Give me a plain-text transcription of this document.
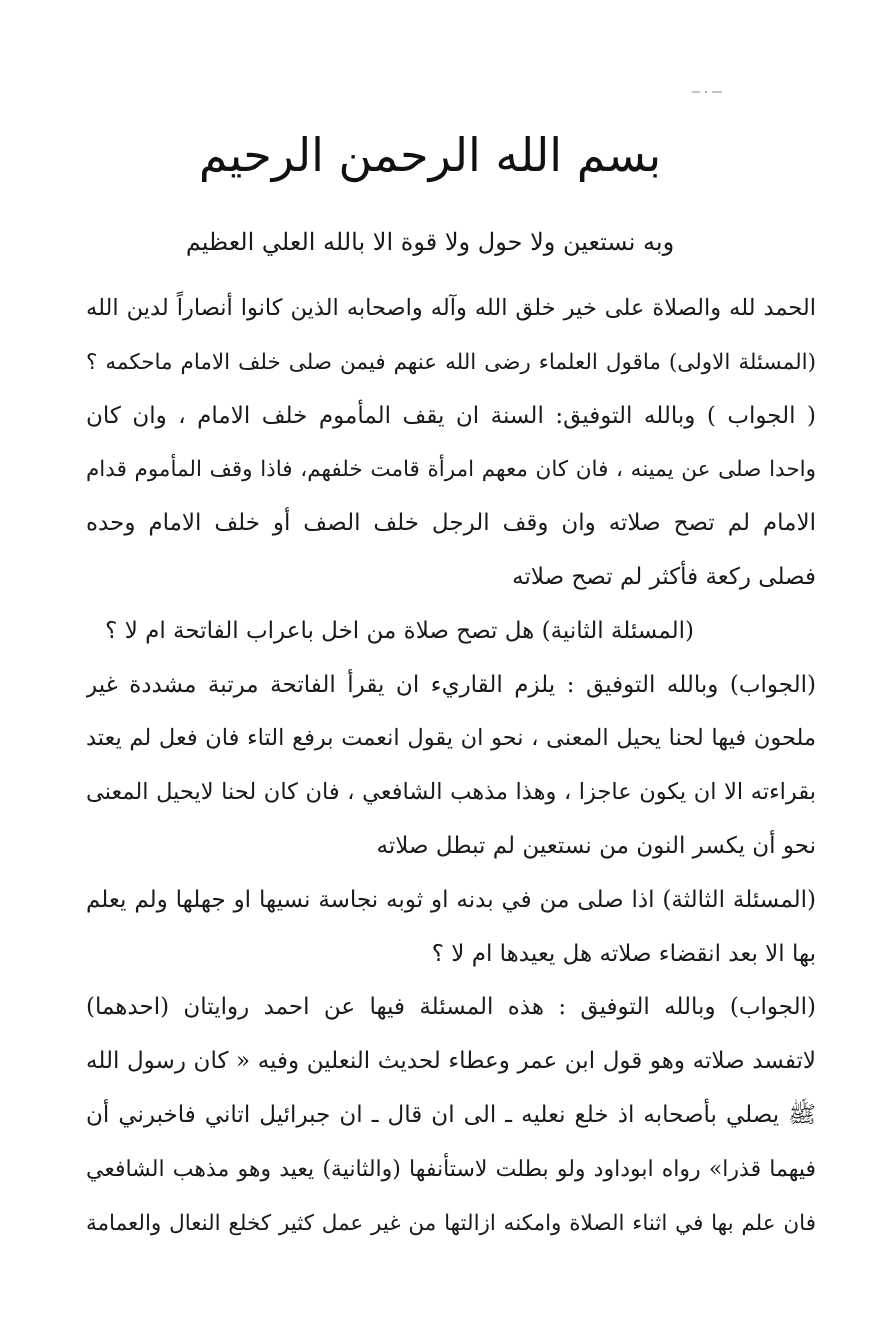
بسم الله الرحمن الرحيم
وبه نستعين ولا حول ولا قوة الا بالله العلي العظيم
الحمد لله والصلاة على خير خلق الله وآله واصحابه الذين كانوا أنصاراً لدين الله
(المسئلة الاولى) ماقول العلماء رضى الله عنهم فيمن صلى خلف الامام ماحكمه ؟
( الجواب ) وبالله التوفيق: السنة ان يقف المأموم خلف الامام ، وان كان
واحدا صلى عن يمينه ، فان كان معهم امرأة قامت خلفهم، فاذا وقف المأموم قدام
الامام لم تصح صلاته وان وقف الرجل خلف الصف أو خلف الامام وحده
فصلى ركعة فأكثر لم تصح صلاته
(المسئلة الثانية) هل تصح صلاة من اخل باعراب الفاتحة ام لا ؟
(الجواب) وبالله التوفيق : يلزم القاريء ان يقرأ الفاتحة مرتبة مشددة غير
ملحون فيها لحنا يحيل المعنى ، نحو ان يقول انعمت برفع التاء فان فعل لم يعتد
بقراءته الا ان يكون عاجزا ، وهذا مذهب الشافعي ، فان كان لحنا لايحيل المعنى
نحو أن يكسر النون من نستعين لم تبطل صلاته
(المسئلة الثالثة) اذا صلى من في بدنه او ثوبه نجاسة نسيها او جهلها ولم يعلم
بها الا بعد انقضاء صلاته هل يعيدها ام لا ؟
(الجواب) وبالله التوفيق : هذه المسئلة فيها عن احمد روايتان (احدهما)
لاتفسد صلاته وهو قول ابن عمر وعطاء لحديث النعلين وفيه « كان رسول الله
ﷺ يصلي بأصحابه اذ خلع نعليه ـ الى ان قال ـ ان جبرائيل اتاني فاخبرني أن
فيهما قذرا» رواه ابوداود ولو بطلت لاستأنفها (والثانية) يعيد وهو مذهب الشافعي
فان علم بها في اثناء الصلاة وامكنه ازالتها من غير عمل كثير كخلع النعال والعمامة
